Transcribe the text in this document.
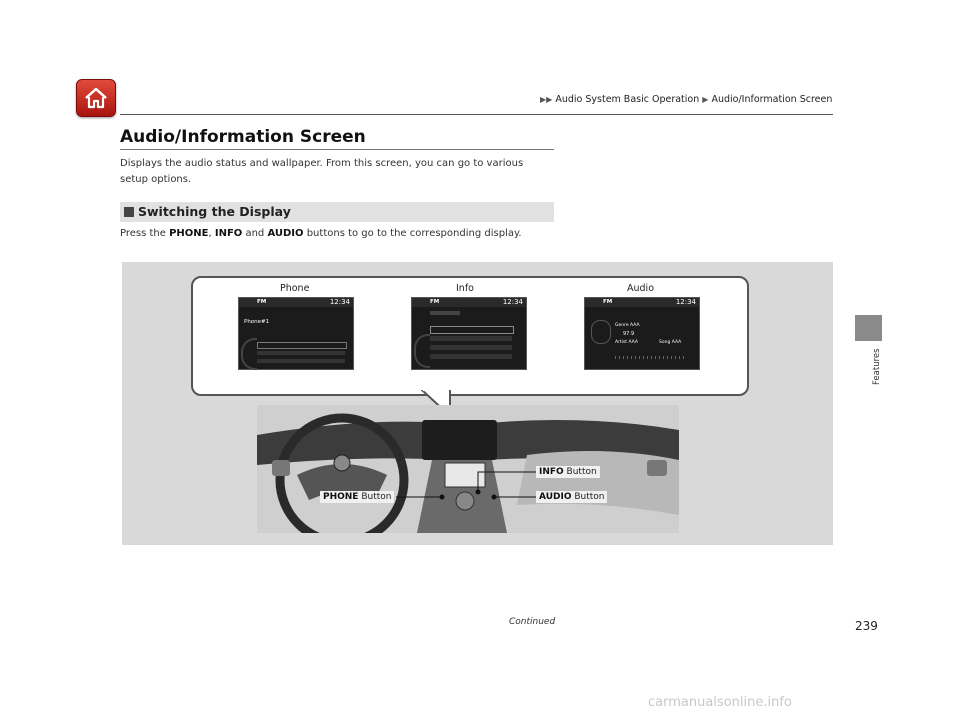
▶▶ Audio System Basic Operation ▶ Audio/Information Screen
Audio/Information Screen
Displays the audio status and wallpaper. From this screen, you can go to various setup options.
Switching the Display
Press the PHONE, INFO and AUDIO buttons to go to the corresponding display.
Features
Phone	Info	Audio
FM	12:34
Phone#1
FM	12:34	FM	12:34
Genre AAA
97.9
Artist AAA	Song AAA
INFO Button
PHONE Button	AUDIO Button
Continued	239
carmanualsonline.info
